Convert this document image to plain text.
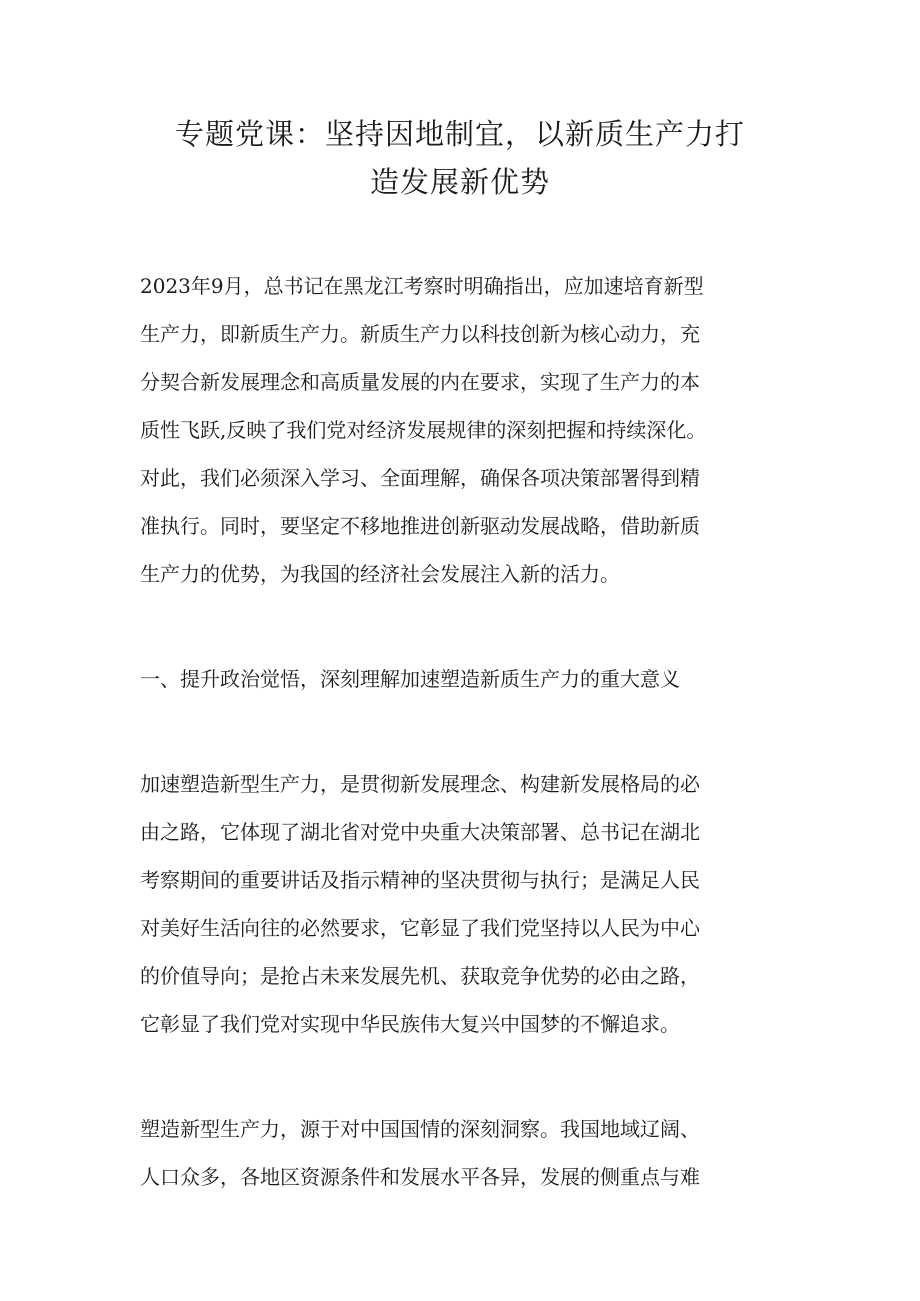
专题党课：坚持因地制宜，以新质生产力打
造发展新优势
2023年9月，总书记在黑龙江考察时明确指出，应加速培育新型
生产力，即新质生产力。新质生产力以科技创新为核心动力，充
分契合新发展理念和高质量发展的内在要求，实现了生产力的本
质性飞跃,反映了我们党对经济发展规律的深刻把握和持续深化。
对此，我们必须深入学习、全面理解，确保各项决策部署得到精
准执行。同时，要坚定不移地推进创新驱动发展战略，借助新质
生产力的优势，为我国的经济社会发展注入新的活力。
一、提升政治觉悟，深刻理解加速塑造新质生产力的重大意义
加速塑造新型生产力，是贯彻新发展理念、构建新发展格局的必
由之路，它体现了湖北省对党中央重大决策部署、总书记在湖北
考察期间的重要讲话及指示精神的坚决贯彻与执行；是满足人民
对美好生活向往的必然要求，它彰显了我们党坚持以人民为中心
的价值导向；是抢占未来发展先机、获取竞争优势的必由之路，
它彰显了我们党对实现中华民族伟大复兴中国梦的不懈追求。
塑造新型生产力，源于对中国国情的深刻洞察。我国地域辽阔、
人口众多，各地区资源条件和发展水平各异，发展的侧重点与难
